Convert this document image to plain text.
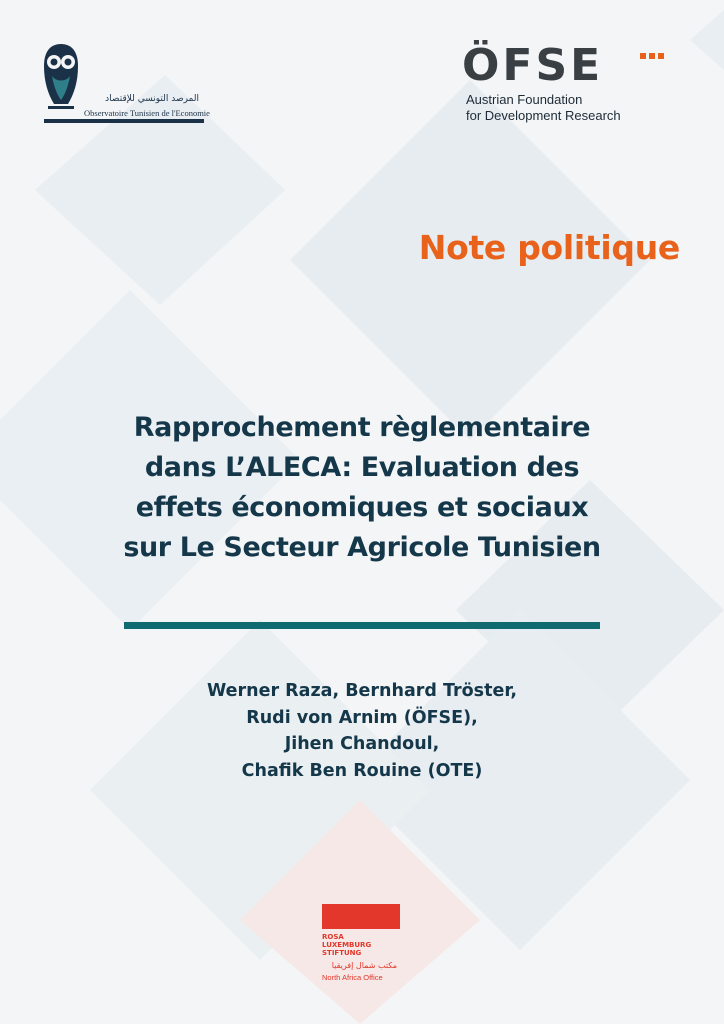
المرصد التونسي للإقتصاد
Observatoire Tunisien de l'Economie
ÖFSE
Austrian Foundation
for Development Research
Note politique
Rapprochement règlementaire
dans L’ALECA: Evaluation des
effets économiques et sociaux
sur Le Secteur Agricole Tunisien
Werner Raza, Bernhard Tröster,
Rudi von Arnim (ÖFSE),
Jihen Chandoul,
Chafik Ben Rouine (OTE)
ROSA
LUXEMBURG
STIFTUNG
مكتب شمال إفريقيا
North Africa Office
